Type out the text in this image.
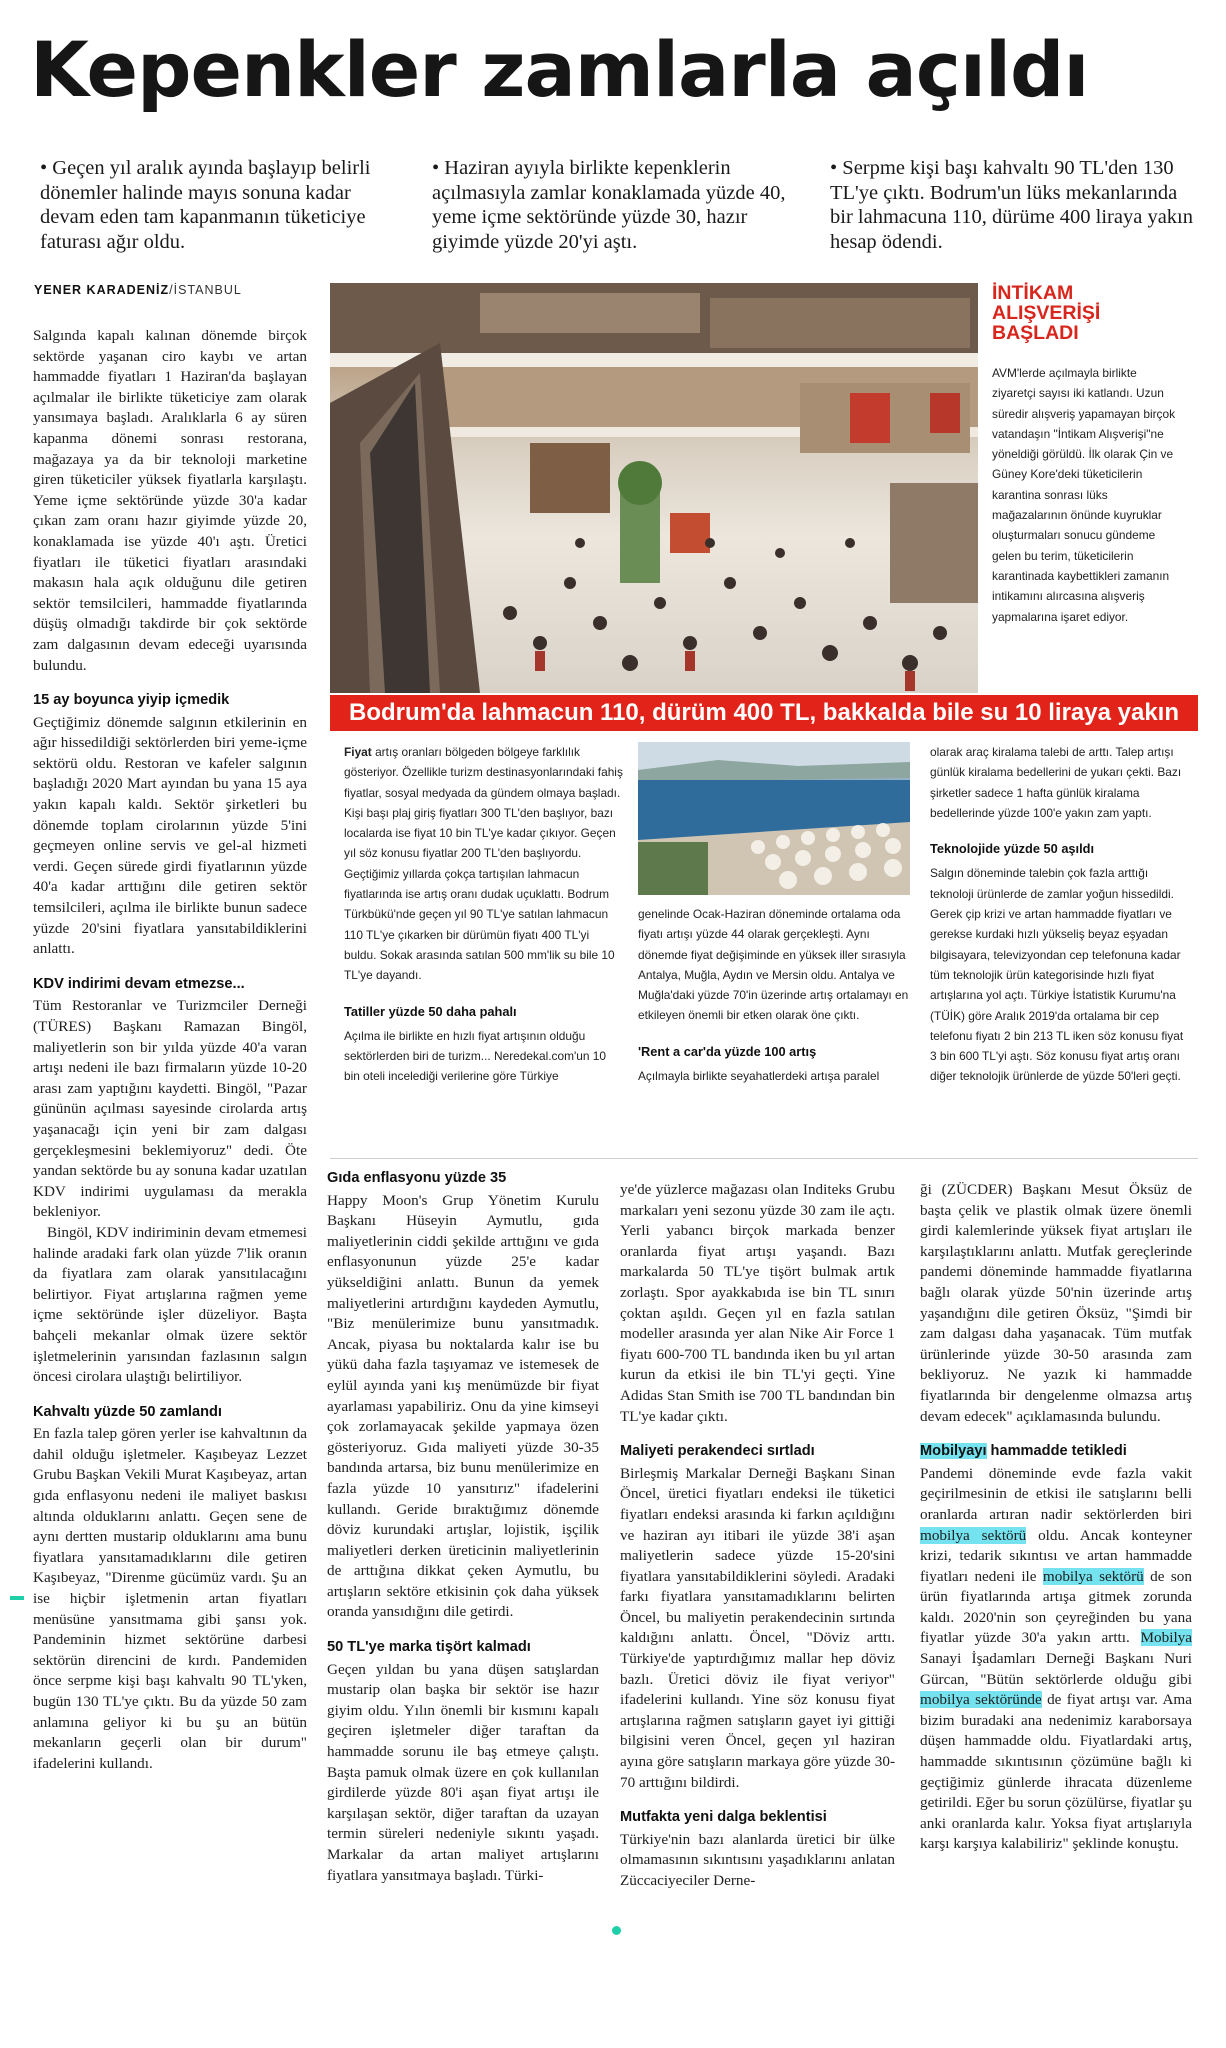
Kepenkler zamlarla açıldı
• Geçen yıl aralık ayında başlayıp belirli dönemler halinde mayıs sonuna kadar devam eden tam kapanmanın tüketiciye faturası ağır oldu.
• Haziran ayıyla birlikte kepenklerin açılmasıyla zamlar konaklamada yüzde 40, yeme içme sektöründe yüzde 30, hazır giyimde yüzde 20'yi aştı.
• Serpme kişi başı kahvaltı 90 TL'den 130 TL'ye çıktı. Bodrum'un lüks mekanlarında bir lahmacuna 110, dürüme 400 liraya yakın hesap ödendi.
YENER KARADENİZ/İSTANBUL	İNTİKAM
ALIŞVERİŞİ
BAŞLADI
AVM'lerde açılmayla birlikte ziyaretçi sayısı iki katlandı. Uzun süredir alışveriş yapamayan birçok vatandaşın "İntikam Alışverişi"ne yöneldiği görüldü. İlk olarak Çin ve Güney Kore'deki tüketicilerin karantina sonrası lüks mağazalarının önünde kuyruklar oluşturmaları sonucu gündeme gelen bu terim, tüketicilerin karantinada kaybettikleri zamanın intikamını alırcasına alışveriş yapmalarına işaret ediyor.
Bodrum'da lahmacun 110, dürüm 400 TL, bakkalda bile su 10 liraya yakın

Salgında kapalı kalınan dönemde birçok sektörde yaşanan ciro kaybı ve artan hammadde fiyatları 1 Haziran'da başlayan açılmalar ile birlikte tüketiciye zam olarak yansımaya başladı. Aralıklarla 6 ay süren kapanma dönemi sonrası restorana, mağazaya ya da bir teknoloji marketine giren tüketiciler yüksek fiyatlarla karşılaştı. Yeme içme sektöründe yüzde 30'a kadar çıkan zam oranı hazır giyimde yüzde 20, konaklamada ise yüzde 40'ı aştı. Üretici fiyatları ile tüketici fiyatları arasındaki makasın hala açık olduğunu dile getiren sektör temsilcileri, hammadde fiyatlarında düşüş olmadığı takdirde bir çok sektörde zam dalgasının devam edeceği uyarısında bulundu.

15 ay boyunca yiyip içmedik

Geçtiğimiz dönemde salgının etkilerinin en ağır hissedildiği sektörlerden biri yeme-içme sektörü oldu. Restoran ve kafeler salgının başladığı 2020 Mart ayından bu yana 15 aya yakın kapalı kaldı. Sektör şirketleri bu dönemde toplam cirolarının yüzde 5'ini geçmeyen online servis ve gel-al hizmeti verdi. Geçen sürede girdi fiyatlarının yüzde 40'a kadar arttığını dile getiren sektör temsilcileri, açılma ile birlikte bunun sadece yüzde 20'sini fiyatlara yansıtabildiklerini anlattı.

KDV indirimi devam etmezse...

Tüm Restoranlar ve Turizmciler Derneği (TÜRES) Başkanı Ramazan Bingöl, maliyetlerin son bir yılda yüzde 40'a varan artışı nedeni ile bazı firmaların yüzde 10-20 arası zam yaptığını kaydetti. Bingöl, "Pazar gününün açılması sayesinde cirolarda artış yaşanacağı için yeni bir zam dalgası gerçekleşmesini beklemiyoruz" dedi. Öte yandan sektörde bu ay sonuna kadar uzatılan KDV indirimi uygulaması da merakla bekleniyor.

Bingöl, KDV indiriminin devam etmemesi halinde aradaki fark olan yüzde 7'lik oranın da fiyatlara zam olarak yansıtılacağını belirtiyor. Fiyat artışlarına rağmen yeme içme sektöründe işler düzeliyor. Başta bahçeli mekanlar olmak üzere sektör işletmelerinin yarısından fazlasının salgın öncesi cirolara ulaştığı belirtiliyor.

Kahvaltı yüzde 50 zamlandı

En fazla talep gören yerler ise kahvaltının da dahil olduğu işletmeler. Kaşıbeyaz Lezzet Grubu Başkan Vekili Murat Kaşıbeyaz, artan gıda enflasyonu nedeni ile maliyet baskısı altında olduklarını anlattı. Geçen sene de aynı dertten mustarip olduklarını ama bunu fiyatlara yansıtamadıklarını dile getiren Kaşıbeyaz, "Direnme gücümüz vardı. Şu an ise hiçbir işletmenin artan fiyatları menüsüne yansıtmama gibi şansı yok. Pandeminin hizmet sektörüne darbesi sektörün direncini de kırdı. Pandemiden önce serpme kişi başı kahvaltı 90 TL'yken, bugün 130 TL'ye çıktı. Bu da yüzde 50 zam anlamına geliyor ki bu şu an bütün mekanların geçerli olan bir durum" ifadelerini kullandı.

Fiyat artış oranları bölgeden bölgeye farklılık gösteriyor. Özellikle turizm destinasyonlarındaki fahiş fiyatlar, sosyal medyada da gündem olmaya başladı. Kişi başı plaj giriş fiyatları 300 TL'den başlıyor, bazı localarda ise fiyat 10 bin TL'ye kadar çıkıyor. Geçen yıl söz konusu fiyatlar 200 TL'den başlıyordu. Geçtiğimiz yıllarda çokça tartışılan lahmacun fiyatlarında ise artış oranı dudak uçuklattı. Bodrum Türkbükü'nde geçen yıl 90 TL'ye satılan lahmacun 110 TL'ye çıkarken bir dürümün fiyatı 400 TL'yi buldu. Sokak arasında satılan 500 mm'lik su bile 10 TL'ye dayandı.

Tatiller yüzde 50 daha pahalı

Açılma ile birlikte en hızlı fiyat artışının olduğu sektörlerden biri de turizm... Neredekal.com'un 10 bin oteli incelediği verilerine göre Türkiye

genelinde Ocak-Haziran döneminde ortalama oda fiyatı artışı yüzde 44 olarak gerçekleşti. Aynı dönemde fiyat değişiminde en yüksek iller sırasıyla Antalya, Muğla, Aydın ve Mersin oldu. Antalya ve Muğla'daki yüzde 70'in üzerinde artış ortalamayı en etkileyen önemli bir etken olarak öne çıktı.

'Rent a car'da yüzde 100 artış

Açılmayla birlikte seyahatlerdeki artışa paralel

olarak araç kiralama talebi de arttı. Talep artışı günlük kiralama bedellerini de yukarı çekti. Bazı şirketler sadece 1 hafta günlük kiralama bedellerinde yüzde 100'e yakın zam yaptı.

Teknolojide yüzde 50 aşıldı

Salgın döneminde talebin çok fazla arttığı teknoloji ürünlerde de zamlar yoğun hissedildi. Gerek çip krizi ve artan hammadde fiyatları ve gerekse kurdaki hızlı yükseliş beyaz eşyadan bilgisayara, televizyondan cep telefonuna kadar tüm teknolojik ürün kategorisinde hızlı fiyat artışlarına yol açtı. Türkiye İstatistik Kurumu'na (TÜİK) göre Aralık 2019'da ortalama bir cep telefonu fiyatı 2 bin 213 TL iken söz konusu fiyat 3 bin 600 TL'yi aştı. Söz konusu fiyat artış oranı diğer teknolojik ürünlerde de yüzde 50'leri geçti.

Gıda enflasyonu yüzde 35

Happy Moon's Grup Yönetim Kurulu Başkanı Hüseyin Aymutlu, gıda maliyetlerinin ciddi şekilde arttığını ve gıda enflasyonunun yüzde 25'e kadar yükseldiğini anlattı. Bunun da yemek maliyetlerini artırdığını kaydeden Aymutlu, "Biz menülerimize bunu yansıtmadık. Ancak, piyasa bu noktalarda kalır ise bu yükü daha fazla taşıyamaz ve istemesek de eylül ayında yani kış menümüzde bir fiyat ayarlaması yapabiliriz. Onu da yine kimseyi çok zorlamayacak şekilde yapmaya özen gösteriyoruz. Gıda maliyeti yüzde 30-35 bandında artarsa, biz bunu menülerimize en fazla yüzde 10 yansıtırız" ifadelerini kullandı. Geride bıraktığımız dönemde döviz kurundaki artışlar, lojistik, işçilik maliyetleri derken üreticinin maliyetlerinin de arttığına dikkat çeken Aymutlu, bu artışların sektöre etkisinin çok daha yüksek oranda yansıdığını dile getirdi.

50 TL'ye marka tişört kalmadı

Geçen yıldan bu yana düşen satışlardan mustarip olan başka bir sektör ise hazır giyim oldu. Yılın önemli bir kısmını kapalı geçiren işletmeler diğer taraftan da hammadde sorunu ile baş etmeye çalıştı. Başta pamuk olmak üzere en çok kullanılan girdilerde yüzde 80'i aşan fiyat artışı ile karşılaşan sektör, diğer taraftan da uzayan termin süreleri nedeniyle sıkıntı yaşadı. Markalar da artan maliyet artışlarını fiyatlara yansıtmaya başladı. Türki-

ye'de yüzlerce mağazası olan Inditeks Grubu markaları yeni sezonu yüzde 30 zam ile açtı. Yerli yabancı birçok markada benzer oranlarda fiyat artışı yaşandı. Bazı markalarda 50 TL'ye tişört bulmak artık zorlaştı. Spor ayakkabıda ise bin TL sınırı çoktan aşıldı. Geçen yıl en fazla satılan modeller arasında yer alan Nike Air Force 1 fiyatı 600-700 TL bandında iken bu yıl artan kurun da etkisi ile bin TL'yi geçti. Yine Adidas Stan Smith ise 700 TL bandından bin TL'ye kadar çıktı.

Maliyeti perakendeci sırtladı

Birleşmiş Markalar Derneği Başkanı Sinan Öncel, üretici fiyatları endeksi ile tüketici fiyatları endeksi arasında ki farkın açıldığını ve haziran ayı itibari ile yüzde 38'i aşan maliyetlerin sadece yüzde 15-20'sini fiyatlara yansıtabildiklerini söyledi. Aradaki farkı fiyatlara yansıtamadıklarını belirten Öncel, bu maliyetin perakendecinin sırtında kaldığını anlattı. Öncel, "Döviz arttı. Türkiye'de yaptırdığımız mallar hep döviz bazlı. Üretici döviz ile fiyat veriyor" ifadelerini kullandı. Yine söz konusu fiyat artışlarına rağmen satışların gayet iyi gittiği bilgisini veren Öncel, geçen yıl haziran ayına göre satışların markaya göre yüzde 30-70 arttığını bildirdi.

Mutfakta yeni dalga beklentisi

Türkiye'nin bazı alanlarda üretici bir ülke olmamasının sıkıntısını yaşadıklarını anlatan Züccaciyeciler Derne-

ği (ZÜCDER) Başkanı Mesut Öksüz de başta çelik ve plastik olmak üzere önemli girdi kalemlerinde yüksek fiyat artışları ile karşılaştıklarını anlattı. Mutfak gereçlerinde pandemi döneminde hammadde fiyatlarına bağlı olarak yüzde 50'nin üzerinde artış yaşandığını dile getiren Öksüz, "Şimdi bir zam dalgası daha yaşanacak. Tüm mutfak ürünlerinde yüzde 30-50 arasında zam bekliyoruz. Ne yazık ki hammadde fiyatlarında bir dengelenme olmazsa artış devam edecek" açıklamasında bulundu.

Mobilyayı hammadde tetikledi

Pandemi döneminde evde fazla vakit geçirilmesinin de etkisi ile satışlarını belli oranlarda artıran nadir sektörlerden biri mobilya sektörü oldu. Ancak konteyner krizi, tedarik sıkıntısı ve artan hammadde fiyatları nedeni ile mobilya sektörü de son ürün fiyatlarında artışa gitmek zorunda kaldı. 2020'nin son çeyreğinden bu yana fiyatlar yüzde 30'a yakın arttı. Mobilya Sanayi İşadamları Derneği Başkanı Nuri Gürcan, "Bütün sektörlerde olduğu gibi mobilya sektöründe de fiyat artışı var. Ama bizim buradaki ana nedenimiz karaborsaya düşen hammadde oldu. Fiyatlardaki artış, hammadde sıkıntısının çözümüne bağlı ki geçtiğimiz günlerde ihracata düzenleme getirildi. Eğer bu sorun çözülürse, fiyatlar şu anki oranlarda kalır. Yoksa fiyat artışlarıyla karşı karşıya kalabiliriz" şeklinde konuştu.
